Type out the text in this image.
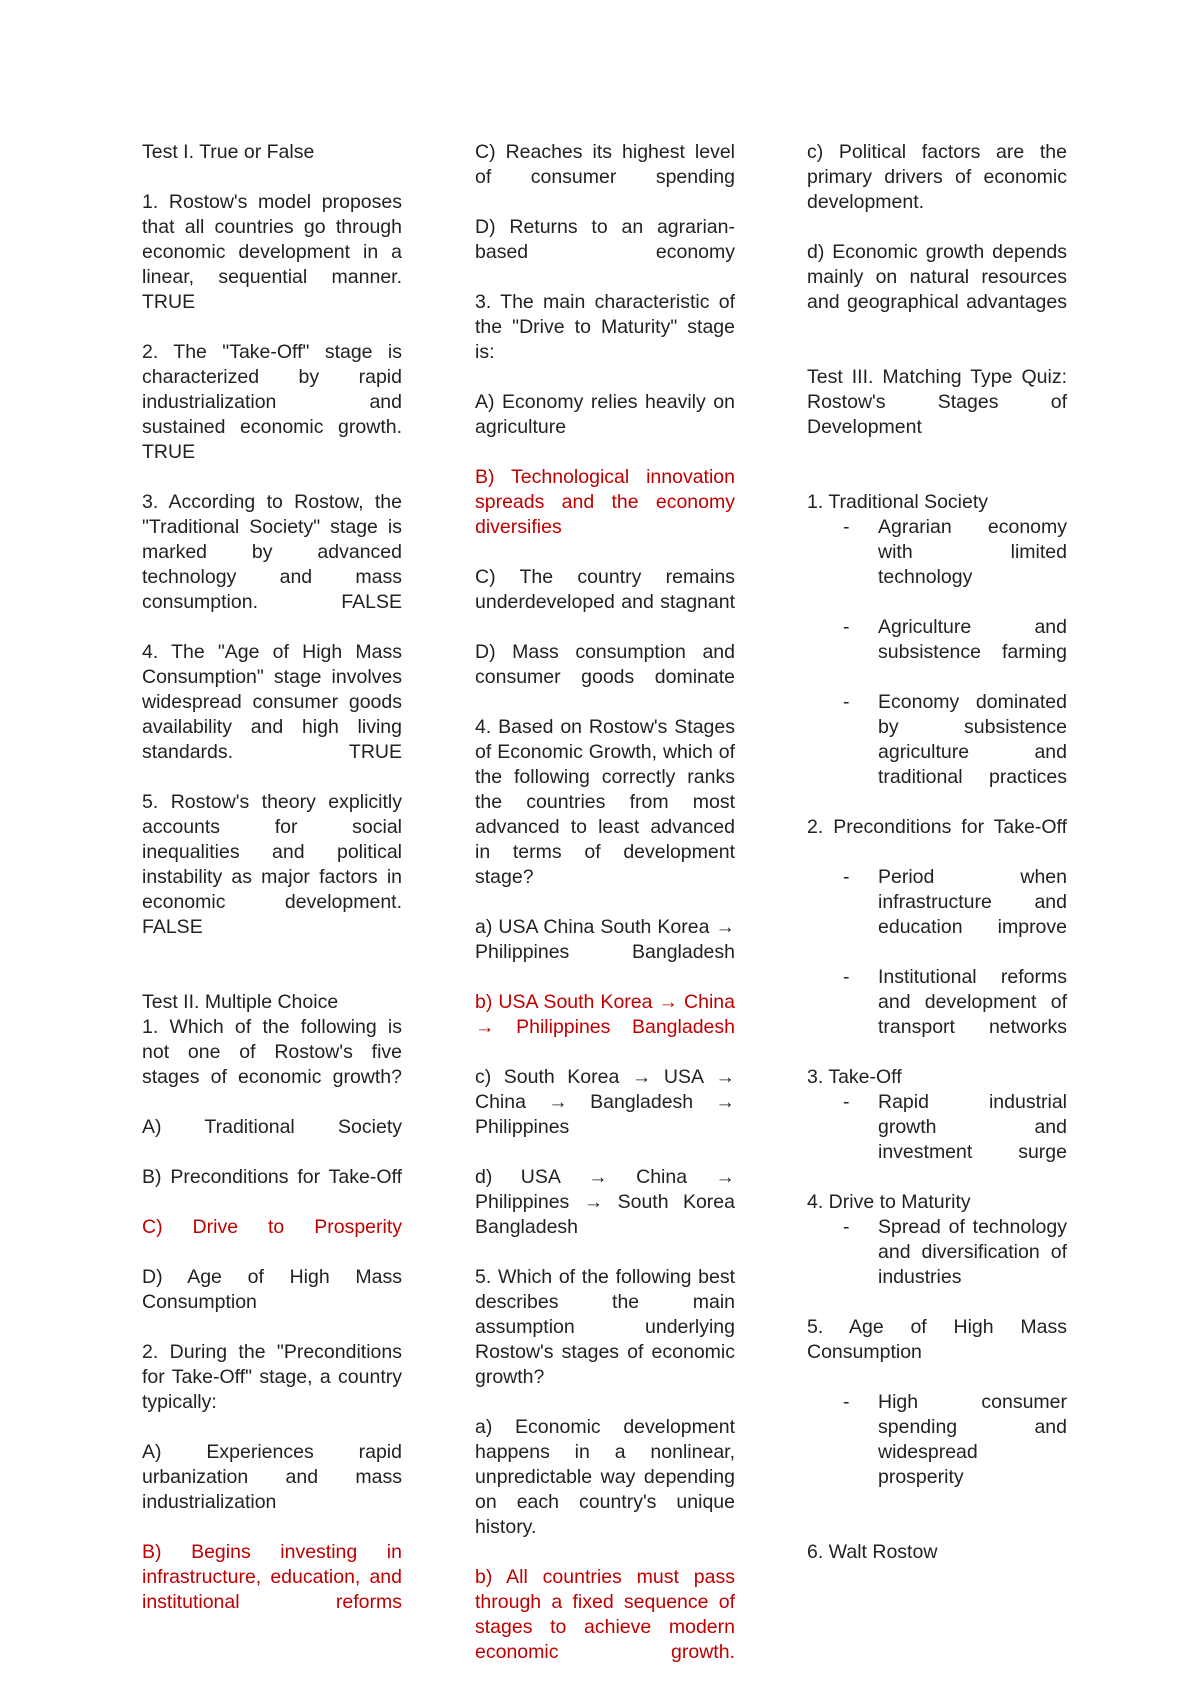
Test I. True or False
1. Rostow's model proposes that all countries go through economic development in a linear, sequential manner. TRUE
2. The "Take-Off" stage is characterized by rapid industrialization and sustained economic growth. TRUE
3. According to Rostow, the "Traditional Society" stage is marked by advanced technology and mass consumption. FALSE
4. The "Age of High Mass Consumption" stage involves widespread consumer goods availability and high living standards. TRUE
5. Rostow's theory explicitly accounts for social inequalities and political instability as major factors in economic development. FALSE
Test II. Multiple Choice
1. Which of the following is not one of Rostow's five stages of economic growth?
A) Traditional Society
B) Preconditions for Take-Off
C) Drive to Prosperity
D) Age of High Mass Consumption
2. During the "Preconditions for Take-Off" stage, a country typically:
A) Experiences rapid urbanization and mass industrialization
B) Begins investing in infrastructure, education, and institutional reforms
C) Reaches its highest level of consumer spending
D) Returns to an agrarian-based economy
3. The main characteristic of the "Drive to Maturity" stage is:
A) Economy relies heavily on agriculture
B) Technological innovation spreads and the economy diversifies
C) The country remains underdeveloped and stagnant
D) Mass consumption and consumer goods dominate
4. Based on Rostow's Stages of Economic Growth, which of the following correctly ranks the countries from most advanced to least advanced in terms of development stage?
a) USA China South Korea → Philippines Bangladesh
b) USA South Korea → China → Philippines Bangladesh
c) South Korea → USA → China → Bangladesh → Philippines
d) USA → China → Philippines → South Korea Bangladesh
5. Which of the following best describes the main assumption underlying Rostow's stages of economic growth?
a) Economic development happens in a nonlinear, unpredictable way depending on each country's unique history.
b) All countries must pass through a fixed sequence of stages to achieve modern economic growth.
c) Political factors are the primary drivers of economic development.
d) Economic growth depends mainly on natural resources and geographical advantages
Test III. Matching Type Quiz: Rostow's Stages of Development
1. Traditional Society
- Agrarian economy with limited technology
- Agriculture and subsistence farming
- Economy dominated by subsistence agriculture and traditional practices
2. Preconditions for Take-Off
- Period when infrastructure and education improve
- Institutional reforms and development of transport networks
3. Take-Off
- Rapid industrial growth and investment surge
4. Drive to Maturity
- Spread of technology and diversification of industries
5. Age of High Mass Consumption
- High consumer spending and widespread prosperity
6. Walt Rostow
